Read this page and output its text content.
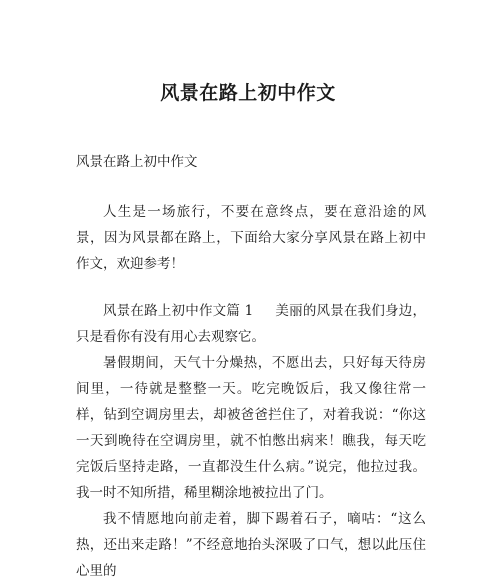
风景在路上初中作文
风景在路上初中作文

人生是一场旅行，不要在意终点，要在意沿途的风景，因为风景都在路上，下面给大家分享风景在路上初中作文，欢迎参考！

风景在路上初中作文篇 1 美丽的风景在我们身边，只是看你有没有用心去观察它。

暑假期间，天气十分燥热，不愿出去，只好每天待房间里，一待就是整整一天。吃完晚饭后，我又像往常一样，钻到空调房里去，却被爸爸拦住了，对着我说：“你这一天到晚待在空调房里，就不怕憋出病来！瞧我，每天吃完饭后坚持走路，一直都没生什么病。”说完，他拉过我。我一时不知所措，稀里糊涂地被拉出了门。

我不情愿地向前走着，脚下踢着石子，嘀咕：“这么热，还出来走路！”不经意地抬头深吸了口气，想以此压住心里的
